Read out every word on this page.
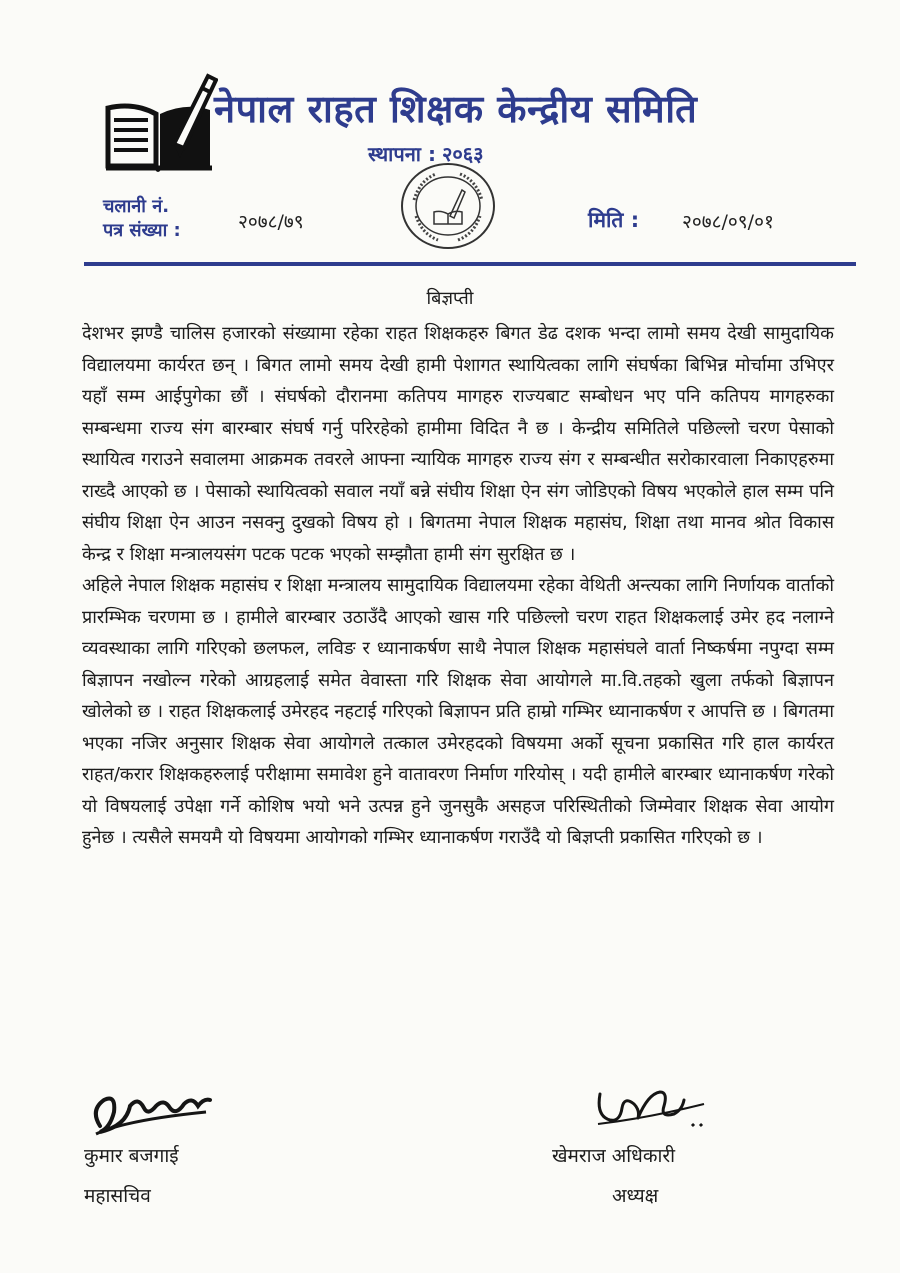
नेपाल राहत शिक्षक केन्द्रीय समिति
स्थापना : २०६३
चलानी नं.
पत्र संख्या :	२०७८/७९	मिति : २०७८/०९/०१
बिज्ञप्ती

देशभर झण्डै चालिस हजारको संख्यामा रहेका राहत शिक्षकहरु बिगत डेढ दशक भन्दा लामो समय देखी सामुदायिक विद्यालयमा कार्यरत छन् । बिगत लामो समय देखी हामी पेशागत स्थायित्वका लागि संघर्षका बिभिन्न मोर्चामा उभिएर यहाँ सम्म आईपुगेका छौं । संघर्षको दौरानमा कतिपय मागहरु राज्यबाट सम्बोधन भए पनि कतिपय मागहरुका सम्बन्धमा राज्य संग बारम्बार संघर्ष गर्नु परिरहेको हामीमा विदित नै छ । केन्द्रीय समितिले पछिल्लो चरण पेसाको स्थायित्व गराउने सवालमा आक्रमक तवरले आफ्ना न्यायिक मागहरु राज्य संग र सम्बन्धीत सरोकारवाला निकाएहरुमा राख्दै आएको छ । पेसाको स्थायित्वको सवाल नयाँ बन्ने संघीय शिक्षा ऐन संग जोडिएको विषय भएकोले हाल सम्म पनि संघीय शिक्षा ऐन आउन नसक्नु दुखको विषय हो । बिगतमा नेपाल शिक्षक महासंघ, शिक्षा तथा मानव श्रोत विकास केन्द्र र शिक्षा मन्त्रालयसंग पटक पटक भएको सम्झौता हामी संग सुरक्षित छ ।

अहिले नेपाल शिक्षक महासंघ र शिक्षा मन्त्रालय सामुदायिक विद्यालयमा रहेका वेथिती अन्त्यका लागि निर्णायक वार्ताको प्रारम्भिक चरणमा छ । हामीले बारम्बार उठाउँदै आएको खास गरि पछिल्लो चरण राहत शिक्षकलाई उमेर हद नलाग्ने व्यवस्थाका लागि गरिएको छलफल, लविङ र ध्यानाकर्षण साथै नेपाल शिक्षक महासंघले वार्ता निष्कर्षमा नपुग्दा सम्म बिज्ञापन नखोल्न गरेको आग्रहलाई समेत वेवास्ता गरि शिक्षक सेवा आयोगले मा.वि.तहको खुला तर्फको बिज्ञापन खोलेको छ । राहत शिक्षकलाई उमेरहद नहटाई गरिएको बिज्ञापन प्रति हाम्रो गम्भिर ध्यानाकर्षण र आपत्ति छ । बिगतमा भएका नजिर अनुसार शिक्षक सेवा आयोगले तत्काल उमेरहदको विषयमा अर्को सूचना प्रकासित गरि हाल कार्यरत राहत/करार शिक्षकहरुलाई परीक्षामा समावेश हुने वातावरण निर्माण गरियोस् । यदी हामीले बारम्बार ध्यानाकर्षण गरेको यो विषयलाई उपेक्षा गर्ने कोशिष भयो भने उत्पन्न हुने जुनसुकै असहज परिस्थितीको जिम्मेवार शिक्षक सेवा आयोग हुनेछ । त्यसैले समयमै यो विषयमा आयोगको गम्भिर ध्यानाकर्षण गराउँदै यो बिज्ञप्ती प्रकासित गरिएको छ ।

कुमार बजगाई
महासचिव
खेमराज अधिकारी
अध्यक्ष
